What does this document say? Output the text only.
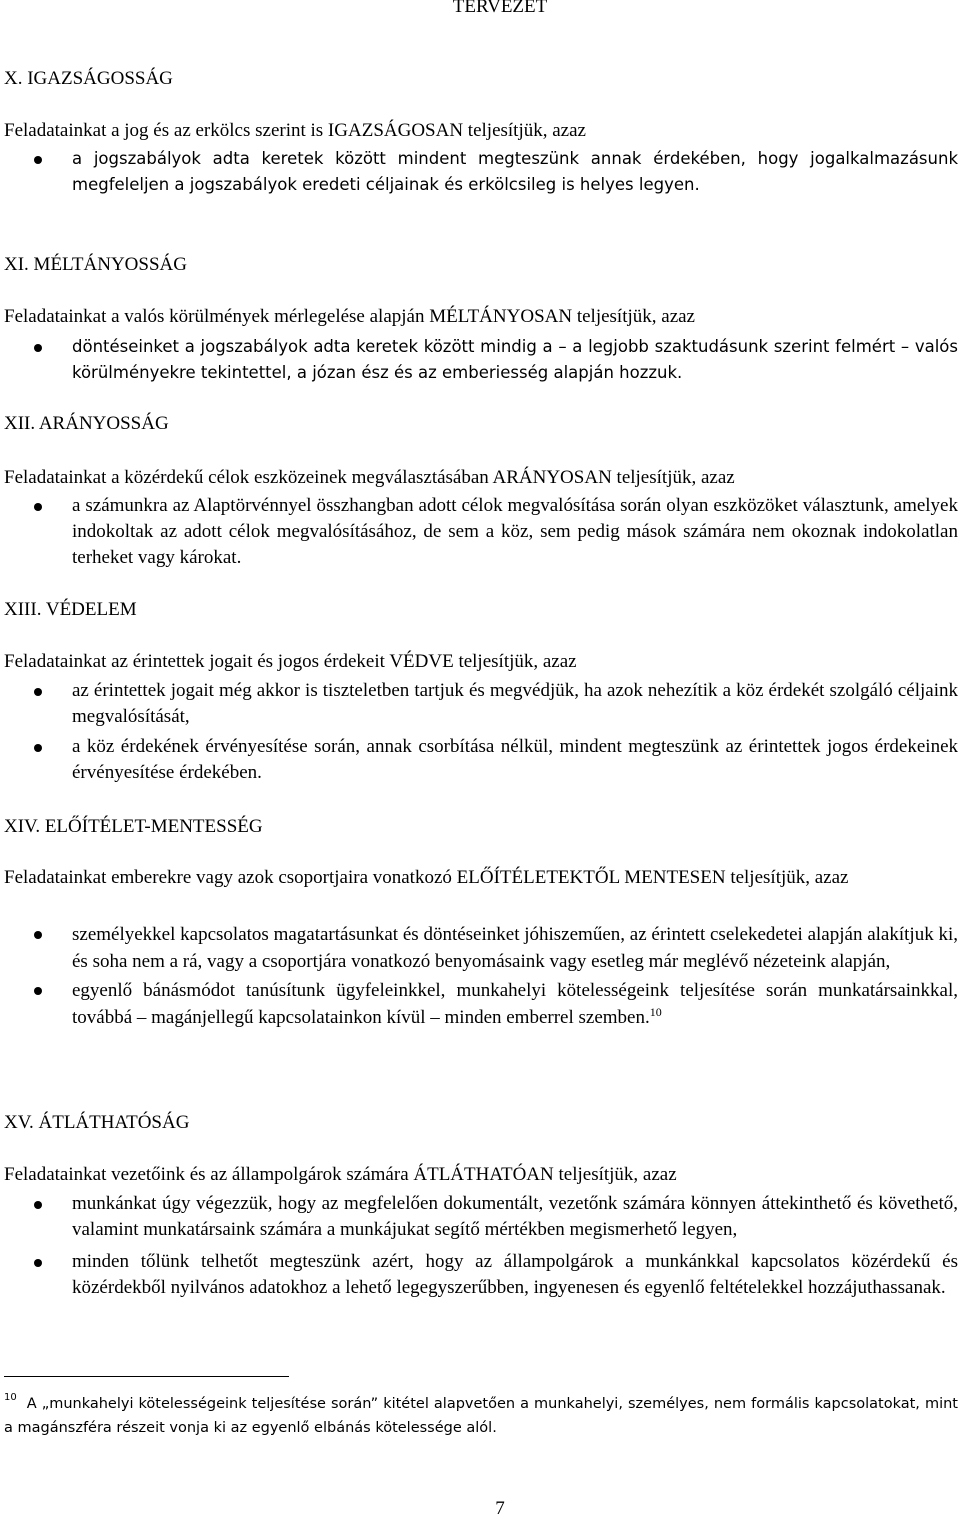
TERVEZET
X. IGAZSÁGOSSÁG
Feladatainkat a jog és az erkölcs szerint is IGAZSÁGOSAN teljesítjük, azaz
a jogszabályok adta keretek között mindent megteszünk annak érdekében, hogy jogalkalmazásunk megfeleljen a jogszabályok eredeti céljainak és erkölcsileg is helyes legyen.
XI. MÉLTÁNYOSSÁG
Feladatainkat a valós körülmények mérlegelése alapján MÉLTÁNYOSAN teljesítjük, azaz
döntéseinket a jogszabályok adta keretek között mindig a – a legjobb szaktudásunk szerint felmért – valós körülményekre tekintettel, a józan ész és az emberiesség alapján hozzuk.
XII. ARÁNYOSSÁG
Feladatainkat a közérdekű célok eszközeinek megválasztásában ARÁNYOSAN teljesítjük, azaz
a számunkra az Alaptörvénnyel összhangban adott célok megvalósítása során olyan eszközöket választunk, amelyek indokoltak az adott célok megvalósításához, de sem a köz, sem pedig mások számára nem okoznak indokolatlan terheket vagy károkat.
XIII. VÉDELEM
Feladatainkat az érintettek jogait és jogos érdekeit VÉDVE teljesítjük, azaz
az érintettek jogait még akkor is tiszteletben tartjuk és megvédjük, ha azok nehezítik a köz érdekét szolgáló céljaink megvalósítását,
a köz érdekének érvényesítése során, annak csorbítása nélkül, mindent megteszünk az érintettek jogos érdekeinek érvényesítése érdekében.
XIV. ELŐÍTÉLET-MENTESSÉG
Feladatainkat emberekre vagy azok csoportjaira vonatkozó ELŐÍTÉLETEKTŐL MENTESEN teljesítjük, azaz
személyekkel kapcsolatos magatartásunkat és döntéseinket jóhiszeműen, az érintett cselekedetei alapján alakítjuk ki, és soha nem a rá, vagy a csoportjára vonatkozó benyomásaink vagy esetleg már meglévő nézeteink alapján,
egyenlő bánásmódot tanúsítunk ügyfeleinkkel, munkahelyi kötelességeink teljesítése során munkatársainkkal, továbbá – magánjellegű kapcsolatainkon kívül – minden emberrel szemben.$^{10}$
XV. ÁTLÁTHATÓSÁG
Feladatainkat vezetőink és az állampolgárok számára ÁTLÁTHATÓAN teljesítjük, azaz
munkánkat úgy végezzük, hogy az megfelelően dokumentált, vezetőnk számára könnyen áttekinthető és követhető, valamint munkatársaink számára a munkájukat segítő mértékben megismerhető legyen,
minden tőlünk telhetőt megteszünk azért, hogy az állampolgárok a munkánkkal kapcsolatos közérdekű és közérdekből nyilvános adatokhoz a lehető legegyszerűbben, ingyenesen és egyenlő feltételekkel hozzájuthassanak.
$^{10}$ A „munkahelyi kötelességeink teljesítése során” kitétel alapvetően a munkahelyi, személyes, nem formális kapcsolatokat, mint a magánszféra részeit vonja ki az egyenlő elbánás kötelessége alól.
7
